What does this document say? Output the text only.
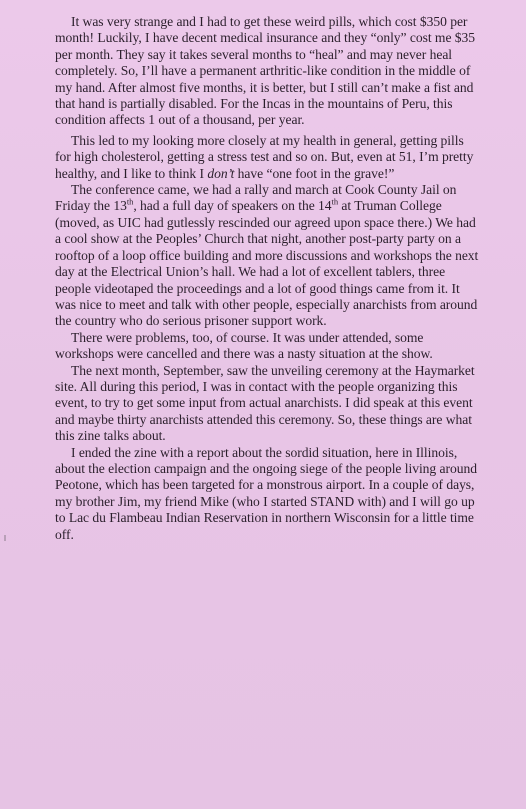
It was very strange and I had to get these weird pills, which cost $350 per month! Luckily, I have decent medical insurance and they “only” cost me $35 per month. They say it takes several months to “heal” and may never heal completely. So, I’ll have a permanent arthritic-like condition in the middle of my hand. After almost five months, it is better, but I still can’t make a fist and that hand is partially disabled. For the Incas in the mountains of Peru, this condition affects 1 out of a thousand, per year.

This led to my looking more closely at my health in general, getting pills for high cholesterol, getting a stress test and so on. But, even at 51, I’m pretty healthy, and I like to think I don’t have “one foot in the grave!”

The conference came, we had a rally and march at Cook County Jail on Friday the 13th, had a full day of speakers on the 14th at Truman College (moved, as UIC had gutlessly rescinded our agreed upon space there.) We had a cool show at the Peoples’ Church that night, another post-party party on a rooftop of a loop office building and more discussions and workshops the next day at the Electrical Union’s hall. We had a lot of excellent tablers, three people videotaped the proceedings and a lot of good things came from it. It was nice to meet and talk with other people, especially anarchists from around the country who do serious prisoner support work.

There were problems, too, of course. It was under attended, some workshops were cancelled and there was a nasty situation at the show.

The next month, September, saw the unveiling ceremony at the Haymarket site. All during this period, I was in contact with the people organizing this event, to try to get some input from actual anarchists. I did speak at this event and maybe thirty anarchists attended this ceremony. So, these things are what this zine talks about.

I ended the zine with a report about the sordid situation, here in Illinois, about the election campaign and the ongoing siege of the people living around Peotone, which has been targeted for a monstrous airport. In a couple of days, my brother Jim, my friend Mike (who I started STAND with) and I will go up to Lac du Flambeau Indian Reservation in northern Wisconsin for a little time off.
